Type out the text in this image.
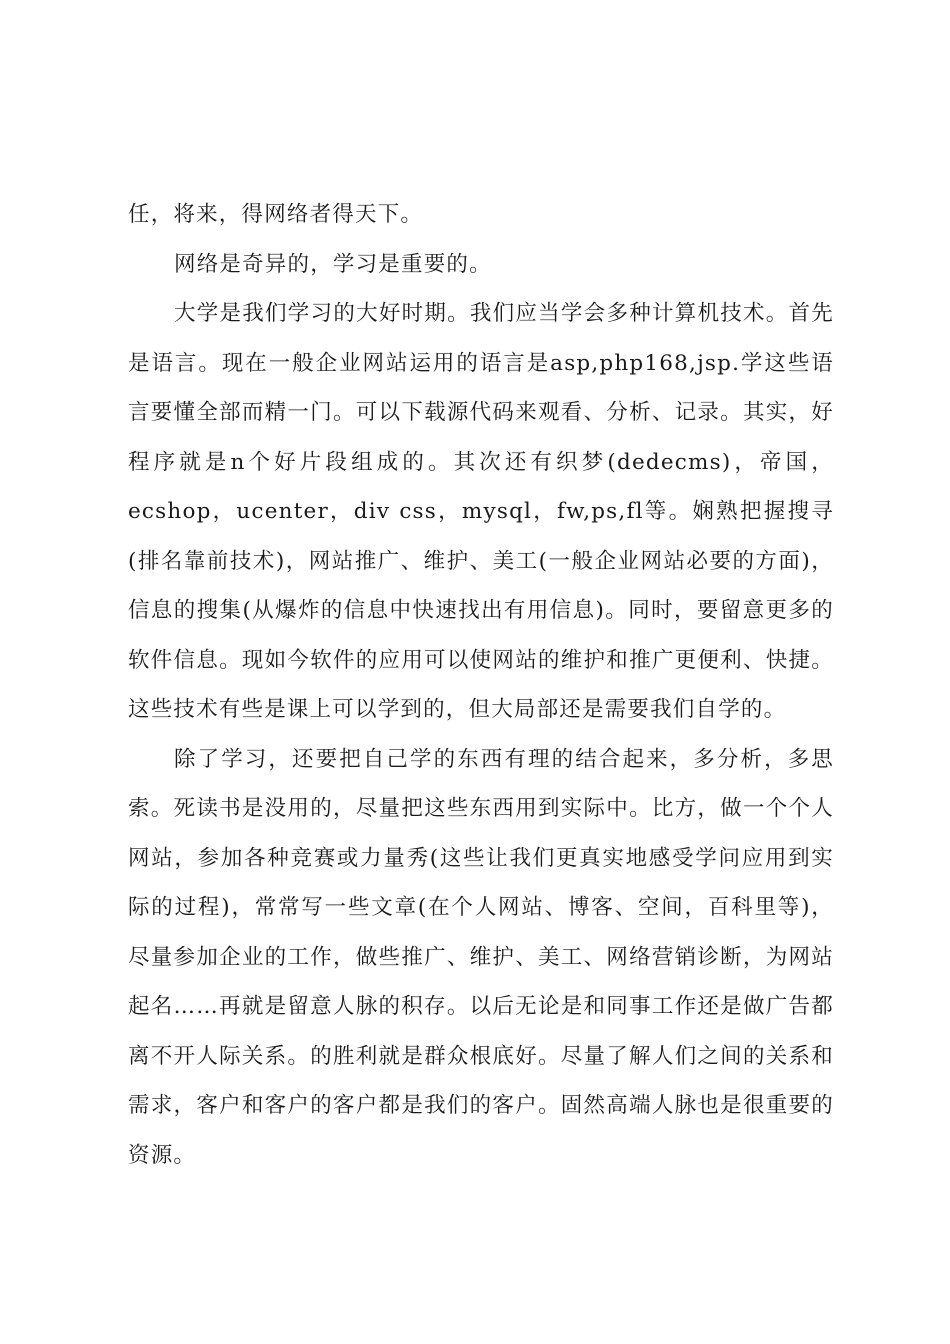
任，将来，得网络者得天下。

网络是奇异的，学习是重要的。

大学是我们学习的大好时期。我们应当学会多种计算机技术。首先是语言。现在一般企业网站运用的语言是asp,php168,jsp.学这些语言要懂全部而精一门。可以下载源代码来观看、分析、记录。其实，好程序就是n个好片段组成的。其次还有织梦(dedecms)，帝国，ecshop，ucenter，div css，mysql，fw,ps,fl等。娴熟把握搜寻(排名靠前技术)，网站推广、维护、美工(一般企业网站必要的方面)，信息的搜集(从爆炸的信息中快速找出有用信息)。同时，要留意更多的软件信息。现如今软件的应用可以使网站的维护和推广更便利、快捷。这些技术有些是课上可以学到的，但大局部还是需要我们自学的。

除了学习，还要把自己学的东西有理的结合起来，多分析，多思索。死读书是没用的，尽量把这些东西用到实际中。比方，做一个个人网站，参加各种竞赛或力量秀(这些让我们更真实地感受学问应用到实际的过程)，常常写一些文章(在个人网站、博客、空间，百科里等)，尽量参加企业的工作，做些推广、维护、美工、网络营销诊断，为网站起名……再就是留意人脉的积存。以后无论是和同事工作还是做广告都离不开人际关系。的胜利就是群众根底好。尽量了解人们之间的关系和需求，客户和客户的客户都是我们的客户。固然高端人脉也是很重要的资源。
